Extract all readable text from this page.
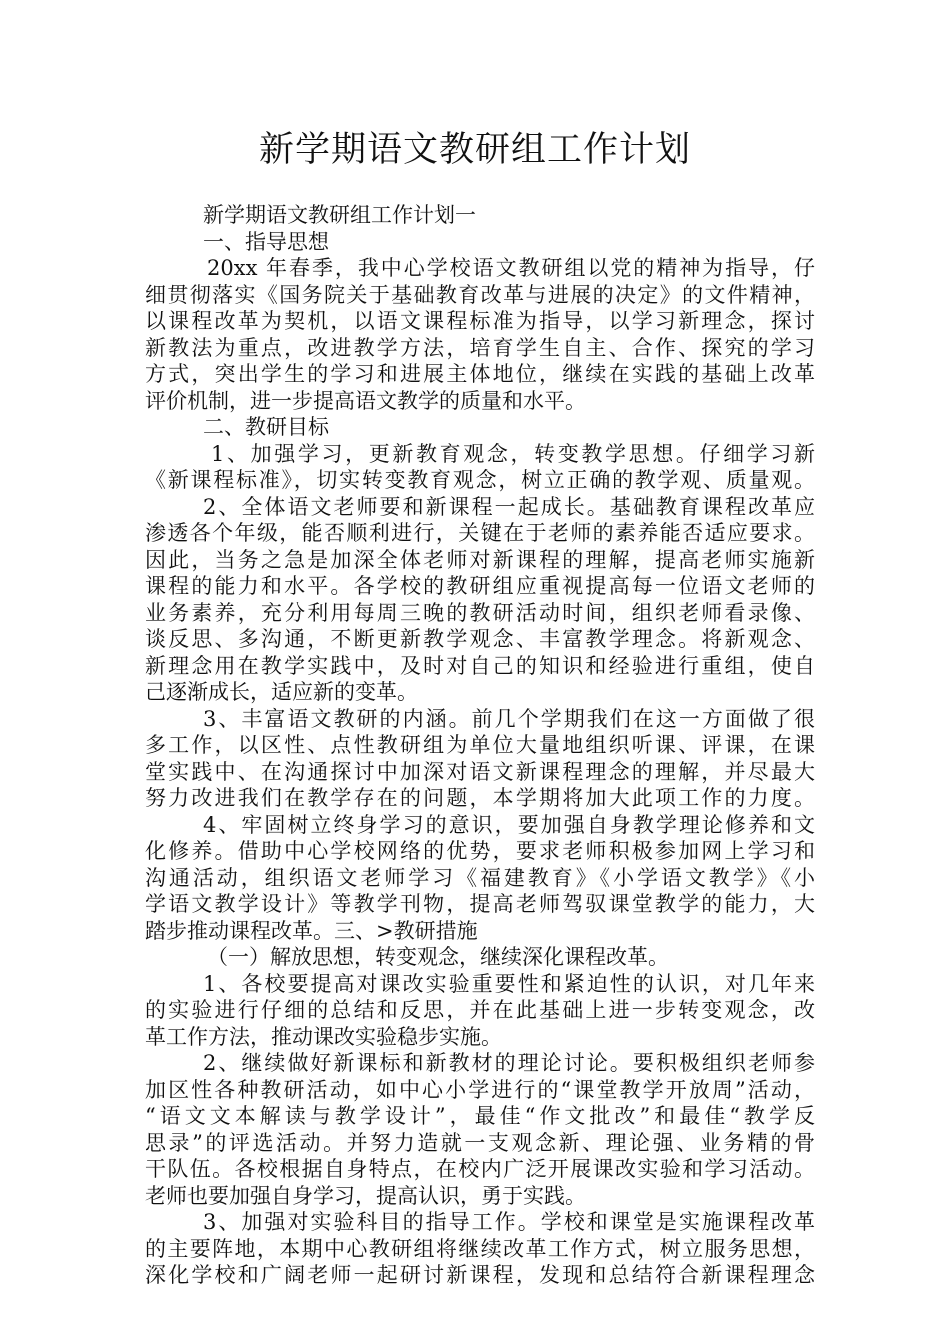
新学期语文教研组工作计划
新学期语文教研组工作计划一
一、指导思想
20xx 年春季，我中心学校语文教研组以党的精神为指导，仔
细贯彻落实《国务院关于基础教育改革与进展的决定》的文件精神，
以课程改革为契机，以语文课程标准为指导，以学习新理念，探讨
新教法为重点，改进教学方法，培育学生自主、合作、探究的学习
方式，突出学生的学习和进展主体地位，继续在实践的基础上改革
评价机制，进一步提高语文教学的质量和水平。
二、教研目标
1、加强学习，更新教育观念，转变教学思想。仔细学习新
《新课程标准》，切实转变教育观念，树立正确的教学观、质量观。
2、全体语文老师要和新课程一起成长。基础教育课程改革应
渗透各个年级，能否顺利进行，关键在于老师的素养能否适应要求。
因此，当务之急是加深全体老师对新课程的理解，提高老师实施新
课程的能力和水平。各学校的教研组应重视提高每一位语文老师的
业务素养，充分利用每周三晚的教研活动时间，组织老师看录像、
谈反思、多沟通，不断更新教学观念、丰富教学理念。将新观念、
新理念用在教学实践中，及时对自己的知识和经验进行重组，使自
己逐渐成长，适应新的变革。
3、丰富语文教研的内涵。前几个学期我们在这一方面做了很
多工作，以区性、点性教研组为单位大量地组织听课、评课，在课
堂实践中、在沟通探讨中加深对语文新课程理念的理解，并尽最大
努力改进我们在教学存在的问题，本学期将加大此项工作的力度。
4、牢固树立终身学习的意识，要加强自身教学理论修养和文
化修养。借助中心学校网络的优势，要求老师积极参加网上学习和
沟通活动，组织语文老师学习《福建教育》《小学语文教学》《小
学语文教学设计》等教学刊物，提高老师驾驭课堂教学的能力，大
踏步推动课程改革。三、>教研措施
（一）解放思想，转变观念，继续深化课程改革。
1、各校要提高对课改实验重要性和紧迫性的认识，对几年来
的实验进行仔细的总结和反思，并在此基础上进一步转变观念，改
革工作方法，推动课改实验稳步实施。
2、继续做好新课标和新教材的理论讨论。要积极组织老师参
加区性各种教研活动，如中心小学进行的“课堂教学开放周”活动，
“语文文本解读与教学设计”，最佳“作文批改”和最佳“教学反
思录”的评选活动。并努力造就一支观念新、理论强、业务精的骨
干队伍。各校根据自身特点，在校内广泛开展课改实验和学习活动。
老师也要加强自身学习，提高认识，勇于实践。
3、加强对实验科目的指导工作。学校和课堂是实施课程改革
的主要阵地，本期中心教研组将继续改革工作方式，树立服务思想，
深化学校和广阔老师一起研讨新课程，发现和总结符合新课程理念
